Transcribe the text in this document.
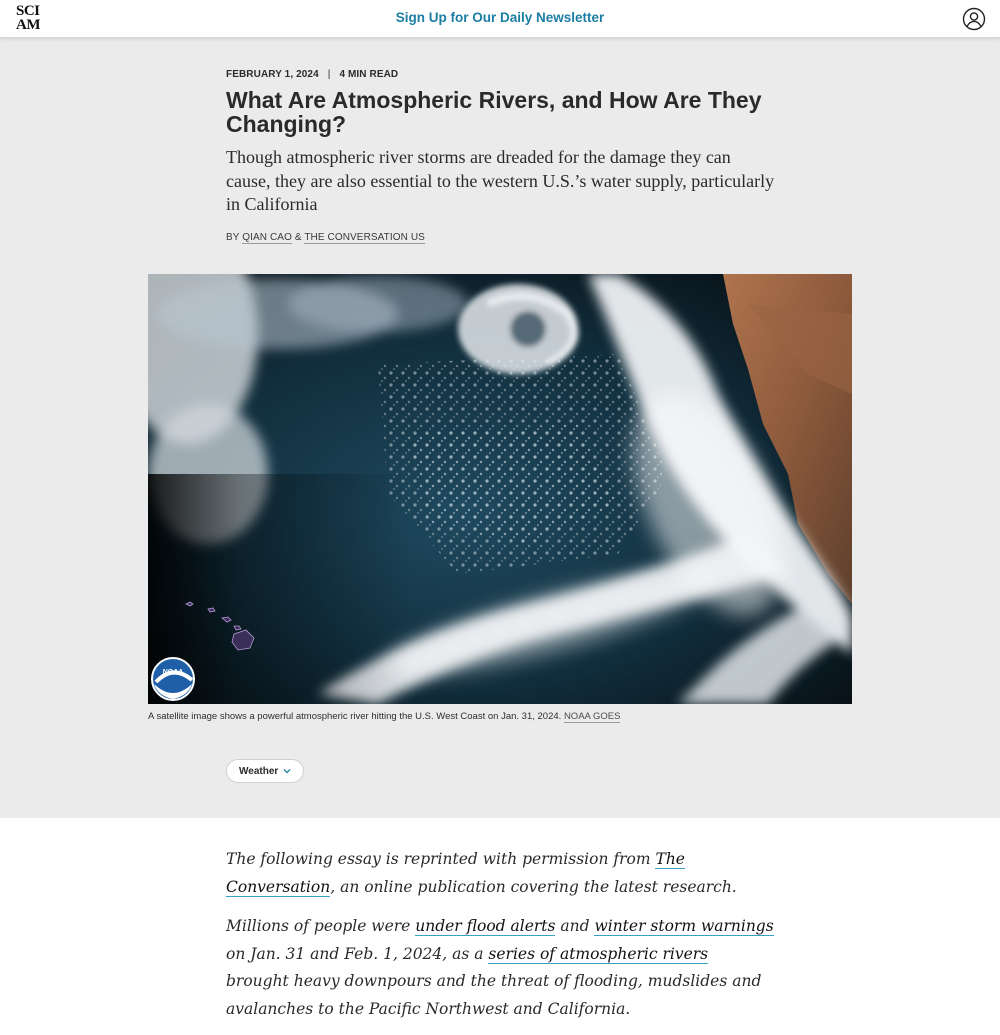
SCI
AM	Sign Up for Our Daily Newsletter
FEBRUARY 1, 2024 | 4 MIN READ
What Are Atmospheric Rivers, and How Are They Changing?

Though atmospheric river storms are dreaded for the damage they can cause, they are also essential to the western U.S.’s water supply, particularly in California

BY QIAN CAO & THE CONVERSATION US
NOAA
A satellite image shows a powerful atmospheric river hitting the U.S. West Coast on Jan. 31, 2024. NOAA GOES
Weather

The following essay is reprinted with permission from The Conversation, an online publication covering the latest research.

Millions of people were under flood alerts and winter storm warnings on Jan. 31 and Feb. 1, 2024, as a series of atmospheric rivers brought heavy downpours and the threat of flooding, mudslides and avalanches to the Pacific Northwest and California.
